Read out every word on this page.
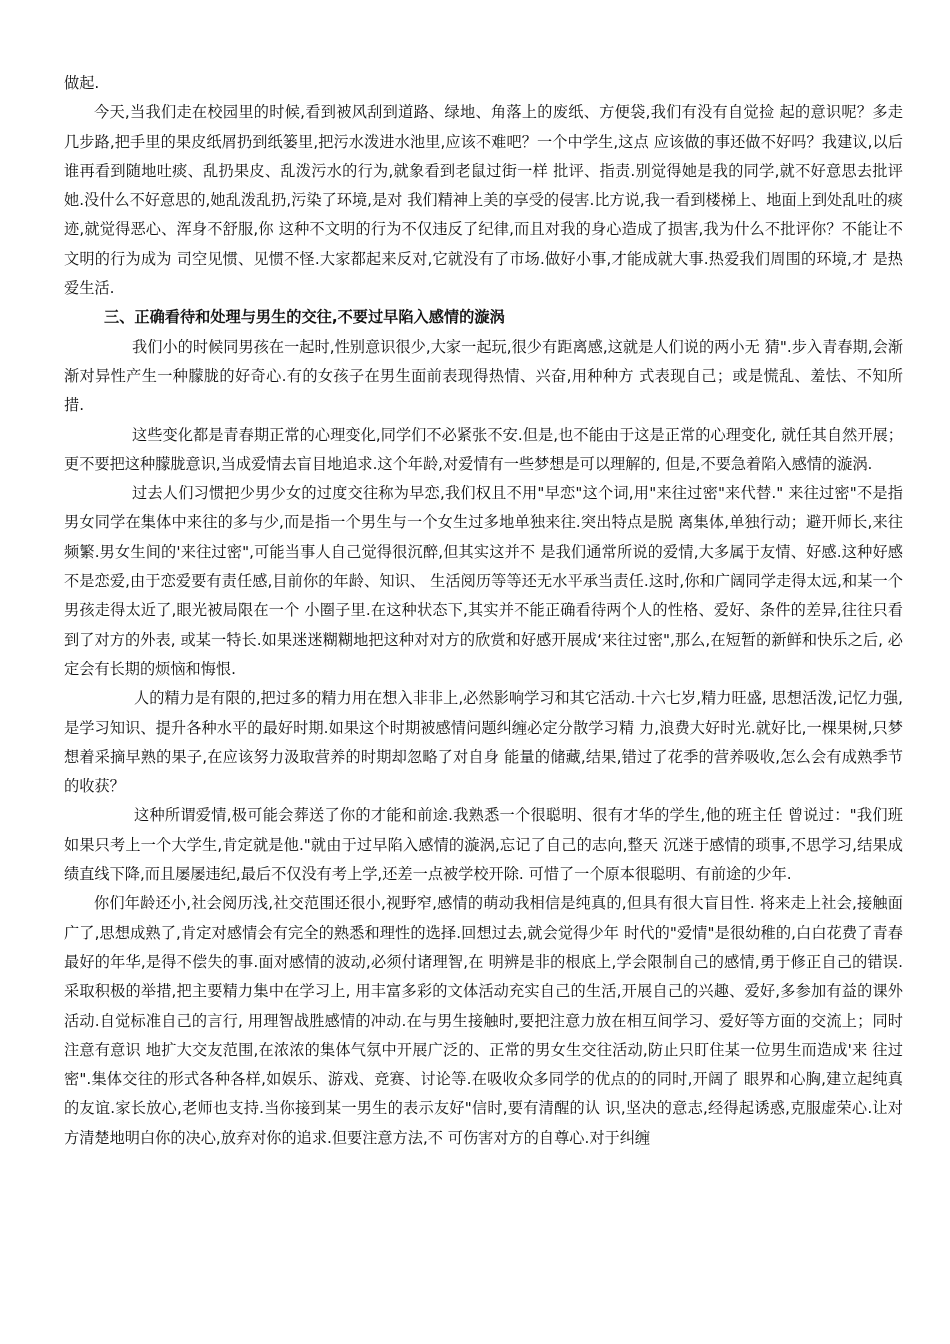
做起.

今天,当我们走在校园里的时候,看到被风刮到道路、绿地、角落上的废纸、方便袋,我们有没有自觉捡 起的意识呢？多走几步路,把手里的果皮纸屑扔到纸篓里,把污水泼进水池里,应该不难吧？一个中学生,这点 应该做的事还做不好吗？我建议,以后谁再看到随地吐痰、乱扔果皮、乱泼污水的行为,就象看到老鼠过街一样 批评、指责.别觉得她是我的同学,就不好意思去批评她.没什么不好意思的,她乱泼乱扔,污染了环境,是对 我们精神上美的享受的侵害.比方说,我一看到楼梯上、地面上到处乱吐的痰迹,就觉得恶心、浑身不舒服,你 这种不文明的行为不仅违反了纪律,而且对我的身心造成了损害,我为什么不批评你？不能让不文明的行为成为 司空见惯、见惯不怪.大家都起来反对,它就没有了市场.做好小事,才能成就大事.热爱我们周围的环境,才 是热爱生活.

三、正确看待和处理与男生的交往,不要过早陷入感情的漩涡

我们小的时候同男孩在一起时,性别意识很少,大家一起玩,很少有距离感,这就是人们说的两小无 猜".步入青春期,会渐渐对异性产生一种朦胧的好奇心.有的女孩子在男生面前表现得热情、兴奋,用种种方 式表现自己；或是慌乱、羞怯、不知所措.

这些变化都是青春期正常的心理变化,同学们不必紧张不安.但是,也不能由于这是正常的心理变化, 就任其自然开展；更不要把这种朦胧意识,当成爱情去盲目地追求.这个年龄,对爱情有一些梦想是可以理解的, 但是,不要急着陷入感情的漩涡.

过去人们习惯把少男少女的过度交往称为早恋,我们权且不用"早恋"这个词,用"来往过密"来代替." 来往过密"不是指男女同学在集体中来往的多与少,而是指一个男生与一个女生过多地单独来往.突出特点是脱 离集体,单独行动；避开师长,来往频繁.男女生间的'来往过密",可能当事人自己觉得很沉醉,但其实这并不 是我们通常所说的爱情,大多属于友情、好感.这种好感不是恋爱,由于恋爱要有责任感,目前你的年龄、知识、 生活阅历等等还无水平承当责任.这时,你和广阔同学走得太远,和某一个男孩走得太近了,眼光被局限在一个 小圈子里.在这种状态下,其实并不能正确看待两个人的性格、爱好、条件的差异,往往只看到了对方的外表, 或某一特长.如果迷迷糊糊地把这种对对方的欣赏和好感开展成‘来往过密",那么,在短暂的新鲜和快乐之后, 必定会有长期的烦恼和悔恨.

人的精力是有限的,把过多的精力用在想入非非上,必然影响学习和其它活动.十六七岁,精力旺盛, 思想活泼,记忆力强,是学习知识、提升各种水平的最好时期.如果这个时期被感情问题纠缠必定分散学习精 力,浪费大好时光.就好比,一棵果树,只梦想着采摘早熟的果子,在应该努力汲取营养的时期却忽略了对自身 能量的储藏,结果,错过了花季的营养吸收,怎么会有成熟季节的收获？

这种所谓爱情,极可能会葬送了你的才能和前途.我熟悉一个很聪明、很有才华的学生,他的班主任 曾说过："我们班如果只考上一个大学生,肯定就是他."就由于过早陷入感情的漩涡,忘记了自己的志向,整天 沉迷于感情的琐事,不思学习,结果成绩直线下降,而且屡屡违纪,最后不仅没有考上学,还差一点被学校开除. 可惜了一个原本很聪明、有前途的少年.

你们年龄还小,社会阅历浅,社交范围还很小,视野窄,感情的萌动我相信是纯真的,但具有很大盲目性. 将来走上社会,接触面广了,思想成熟了,肯定对感情会有完全的熟悉和理性的选择.回想过去,就会觉得少年 时代的"爱情"是很幼稚的,白白花费了青春最好的年华,是得不偿失的事.面对感情的波动,必须付诸理智,在 明辨是非的根底上,学会限制自己的感情,勇于修正自己的错误.采取积极的举措,把主要精力集中在学习上, 用丰富多彩的文体活动充实自己的生活,开展自己的兴趣、爱好,多参加有益的课外活动.自觉标准自己的言行, 用理智战胜感情的冲动.在与男生接触时,要把注意力放在相互间学习、爱好等方面的交流上；同时注意有意识 地扩大交友范围,在浓浓的集体气氛中开展广泛的、正常的男女生交往活动,防止只盯住某一位男生而造成'来 往过密".集体交往的形式各种各样,如娱乐、游戏、竞赛、讨论等.在吸收众多同学的优点的的同时,开阔了 眼界和心胸,建立起纯真的友谊.家长放心,老师也支持.当你接到某一男生的表示友好"信时,要有清醒的认 识,坚决的意志,经得起诱惑,克服虚荣心.让对方清楚地明白你的决心,放弃对你的追求.但要注意方法,不 可伤害对方的自尊心.对于纠缠
